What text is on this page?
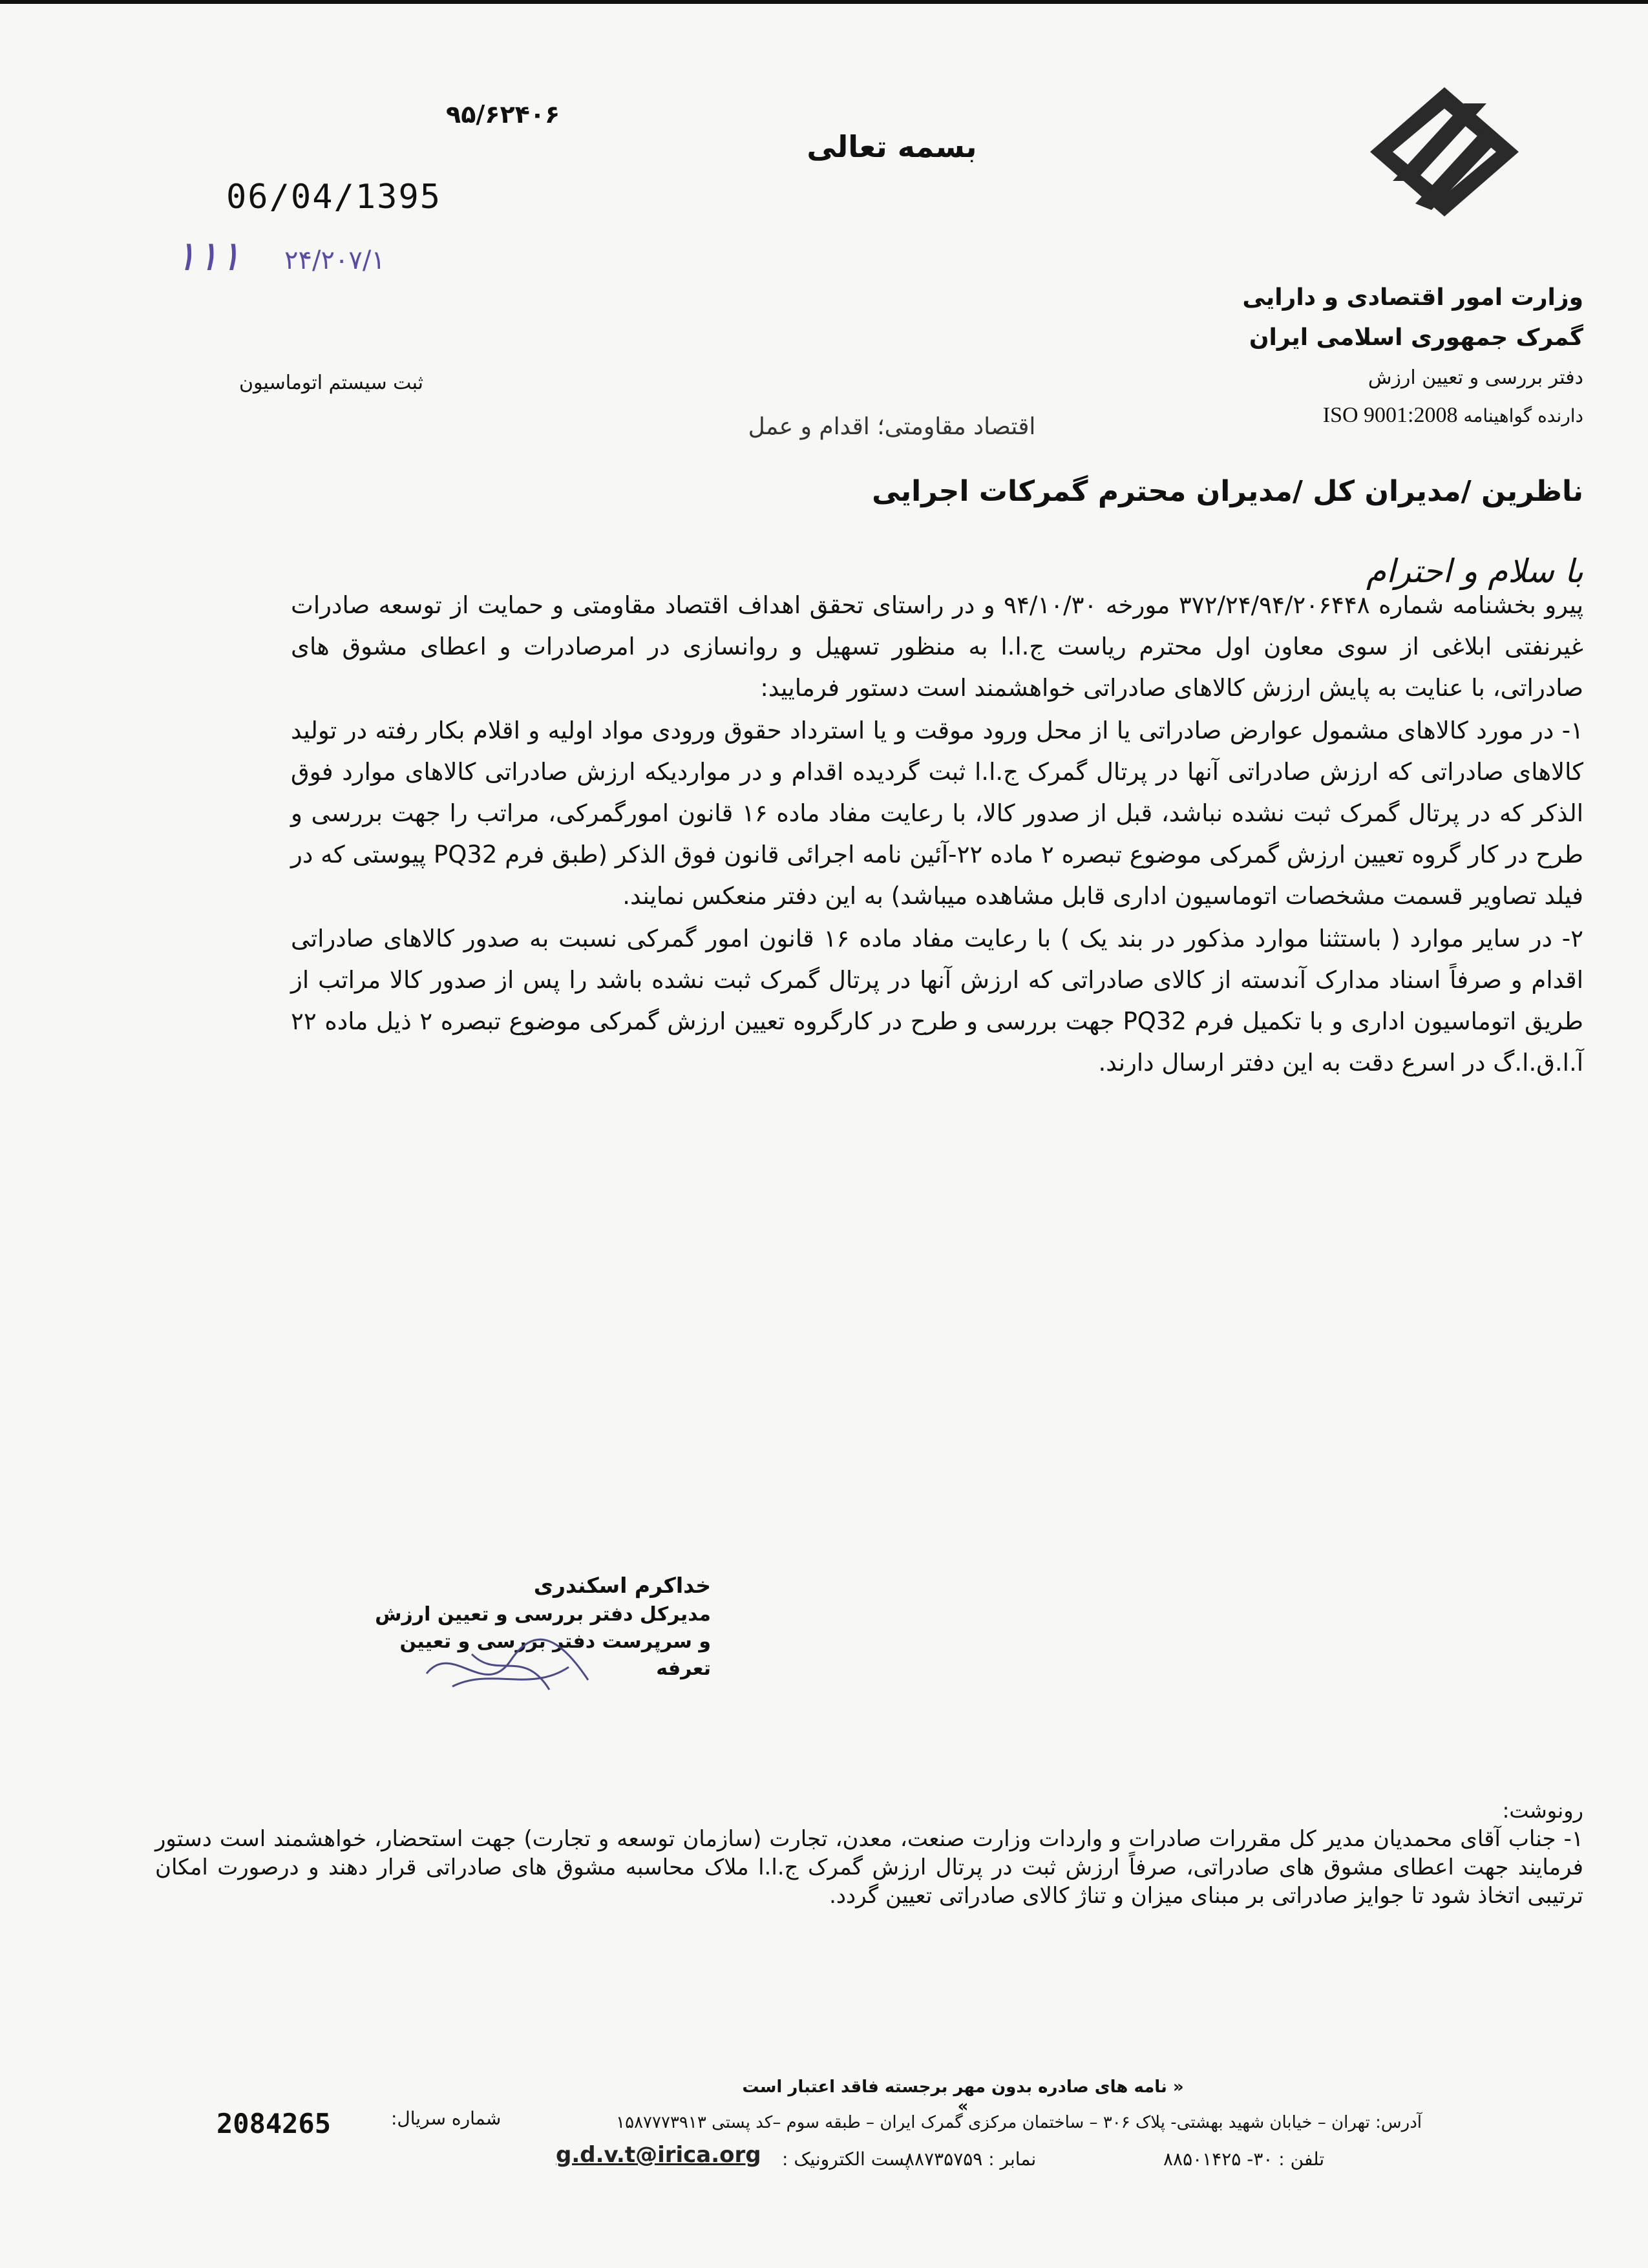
۹۵/۶۲۴۰۶
06/04/1395
۱۱۱ ۲۴/۲۰۷/۱
ثبت سیستم اتوماسیون
بسمه تعالی
وزارت امور اقتصادی و دارایی
گمرک جمهوری اسلامی ایران
دفتر بررسی و تعیین ارزش
دارنده گواهینامه ISO 9001:2008
اقتصاد مقاومتی؛ اقدام و عمل
ناظرین /مدیران کل /مدیران محترم گمرکات اجرایی
با سلام و احترام

پیرو بخشنامه شماره ۳۷۲/۲۴/۹۴/۲۰۶۴۴۸ مورخه ۹۴/۱۰/۳۰ و در راستای تحقق اهداف اقتصاد مقاومتی و حمایت از توسعه صادرات غیرنفتی ابلاغی از سوی معاون اول محترم ریاست ج.ا.ا به منظور تسهیل و روانسازی در امرصادرات و اعطای مشوق های صادراتی، با عنایت به پایش ارزش کالاهای صادراتی خواهشمند است دستور فرمایید:

۱- در مورد کالاهای مشمول عوارض صادراتی یا از محل ورود موقت و یا استرداد حقوق ورودی مواد اولیه و اقلام بکار رفته در تولید کالاهای صادراتی که ارزش صادراتی آنها در پرتال گمرک ج.ا.ا ثبت گردیده اقدام و در مواردیکه ارزش صادراتی کالاهای موارد فوق الذکر که در پرتال گمرک ثبت نشده نباشد، قبل از صدور کالا، با رعایت مفاد ماده ۱۶ قانون امورگمرکی، مراتب را جهت بررسی و طرح در کار گروه تعیین ارزش گمرکی موضوع تبصره ۲ ماده ۲۲-آئین نامه اجرائی قانون فوق الذکر (طبق فرم PQ32 پیوستی که در فیلد تصاویر قسمت مشخصات اتوماسیون اداری قابل مشاهده میباشد) به این دفتر منعکس نمایند.

۲- در سایر موارد ( باستثنا موارد مذکور در بند یک ) با رعایت مفاد ماده ۱۶ قانون امور گمرکی نسبت به صدور کالاهای صادراتی اقدام و صرفاً اسناد مدارک آندسته از کالای صادراتی که ارزش آنها در پرتال گمرک ثبت نشده باشد را پس از صدور کالا مراتب از طریق اتوماسیون اداری و با تکمیل فرم PQ32 جهت بررسی و طرح در کارگروه تعیین ارزش گمرکی موضوع تبصره ۲ ذیل ماده ۲۲ آ.ا.ق.ا.گ در اسرع دقت به این دفتر ارسال دارند.

خداکرم اسکندری
مدیرکل دفتر بررسی و تعیین ارزش
و سرپرست دفتر بررسی و تعیین تعرفه
رونوشت:
۱- جناب آقای محمدیان مدیر کل مقررات صادرات و واردات وزارت صنعت، معدن، تجارت (سازمان توسعه و تجارت) جهت استحضار، خواهشمند است دستور فرمایند جهت اعطای مشوق های صادراتی، صرفاً ارزش ثبت در پرتال ارزش گمرک ج.ا.ا ملاک محاسبه مشوق های صادراتی قرار دهند و درصورت امکان ترتیبی اتخاذ شود تا جوایز صادراتی بر مبنای میزان و تناژ کالای صادراتی تعیین گردد.
« نامه های صادره بدون مهر برجسته فاقد اعتبار است »
شماره سریال:
2084265	آدرس: تهران – خیابان شهید بهشتی- پلاک ۳۰۶ – ساختمان مرکزی گمرک ایران – طبقه سوم –کد پستی ۱۵۸۷۷۷۳۹۱۳
تلفن : ۳۰- ۸۸۵۰۱۴۲۵
نمابر : ۸۸۷۳۵۷۵۹
پست الکترونیک :
g.d.v.t@irica.org
